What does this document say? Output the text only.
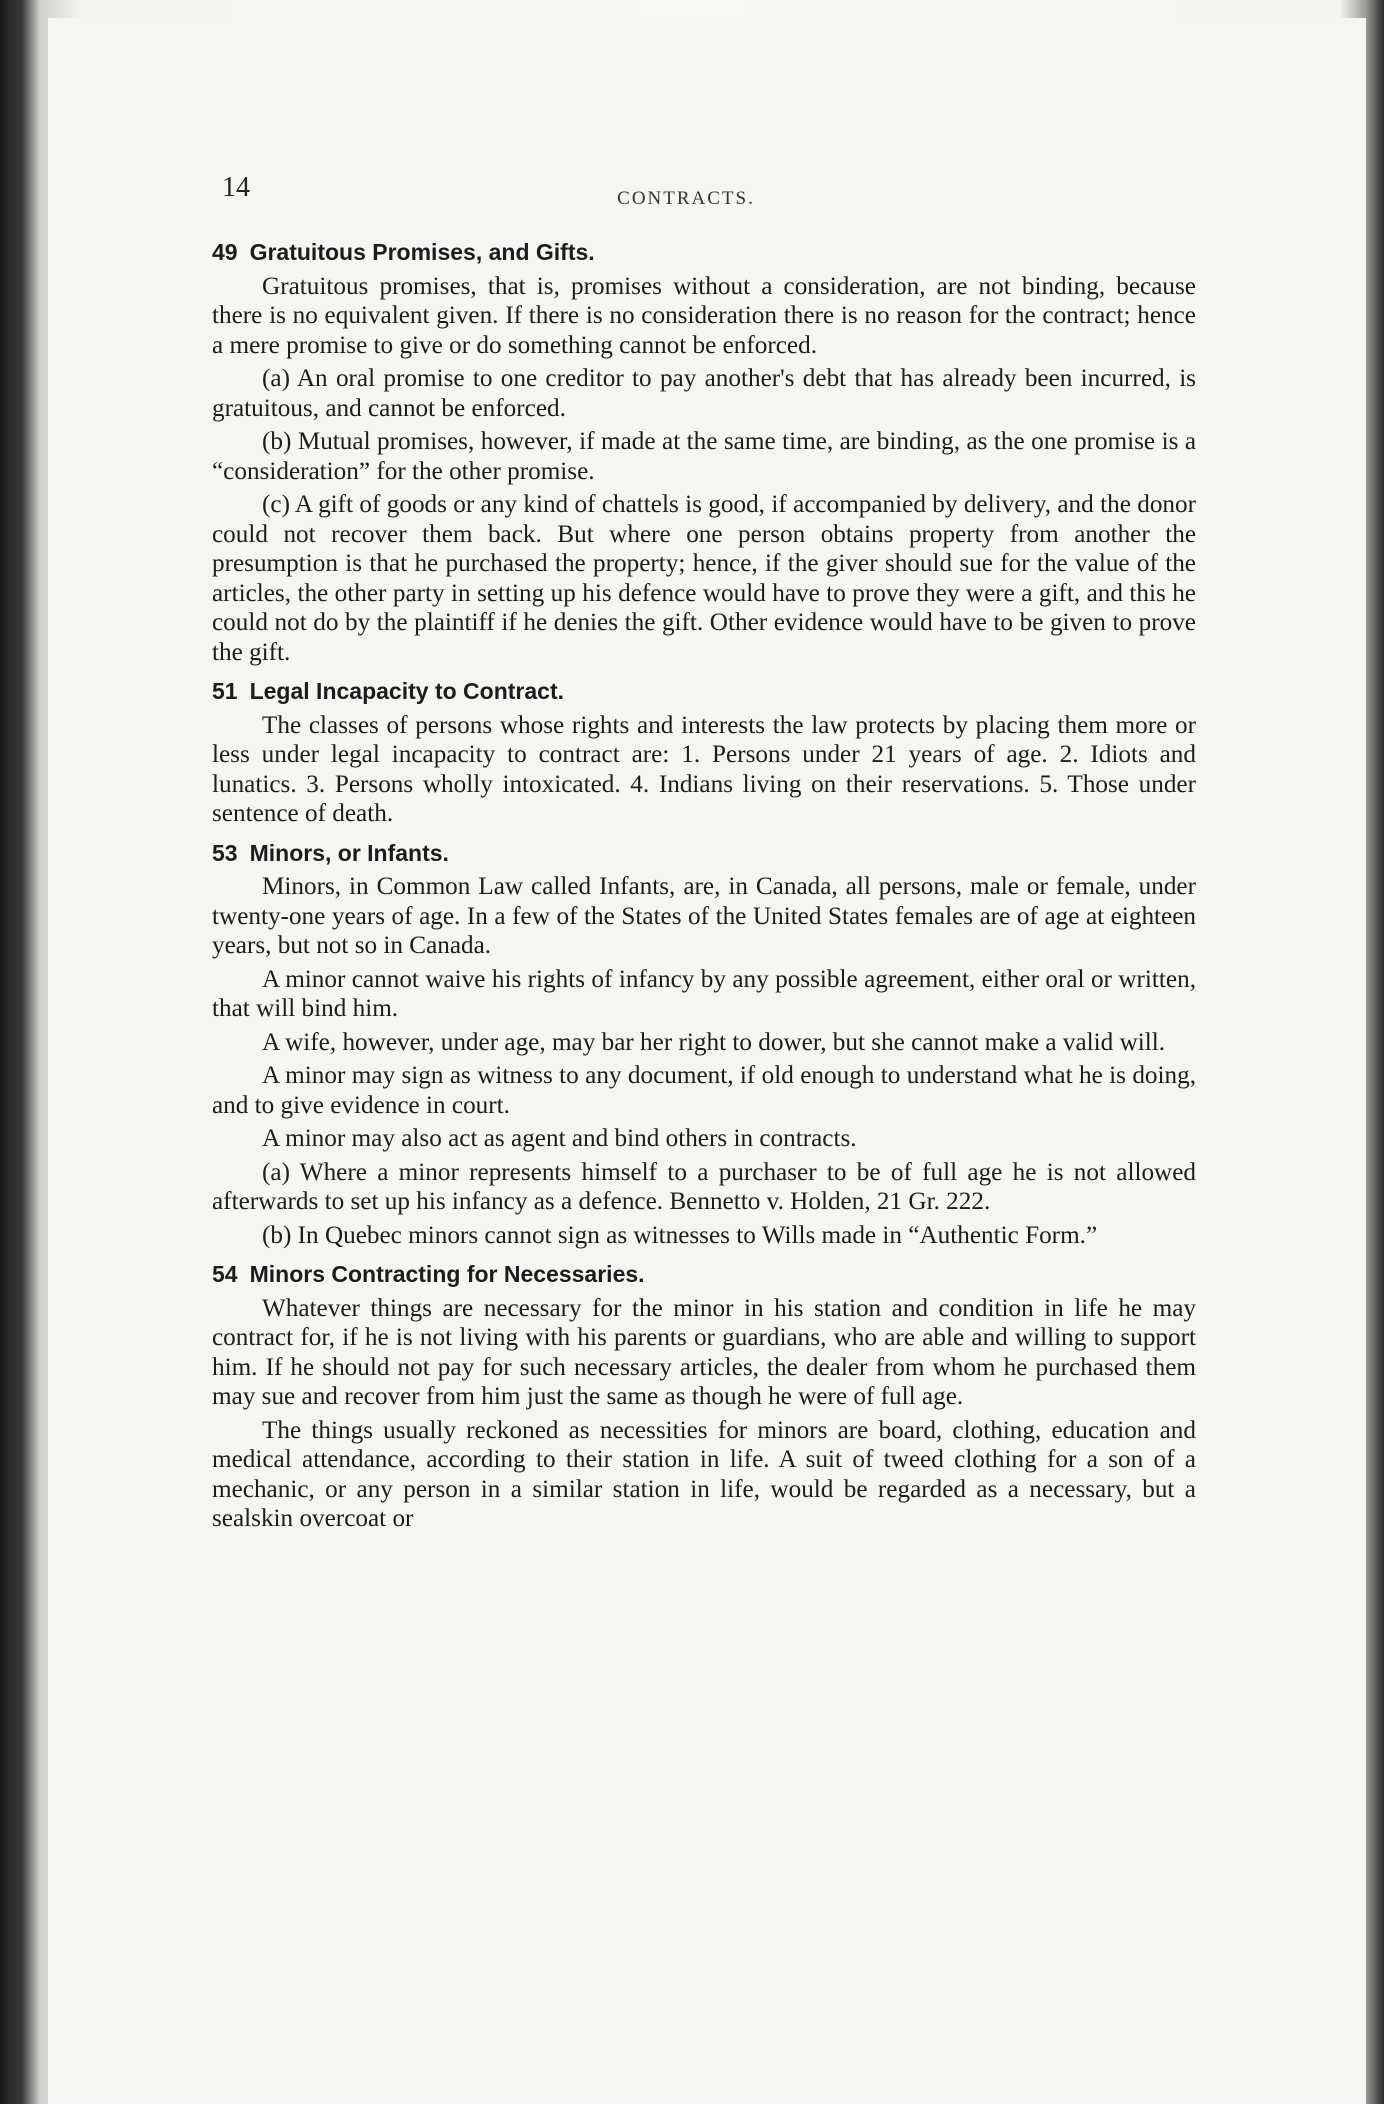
14	CONTRACTS.
49 Gratuitous Promises, and Gifts.

Gratuitous promises, that is, promises without a consideration, are not binding, because there is no equivalent given. If there is no consideration there is no reason for the contract; hence a mere promise to give or do something cannot be enforced.

(a) An oral promise to one creditor to pay another's debt that has already been incurred, is gratuitous, and cannot be enforced.

(b) Mutual promises, however, if made at the same time, are binding, as the one promise is a “consideration” for the other promise.

(c) A gift of goods or any kind of chattels is good, if accompanied by delivery, and the donor could not recover them back. But where one person obtains property from another the presumption is that he purchased the property; hence, if the giver should sue for the value of the articles, the other party in setting up his defence would have to prove they were a gift, and this he could not do by the plaintiff if he denies the gift. Other evidence would have to be given to prove the gift.

51 Legal Incapacity to Contract.

The classes of persons whose rights and interests the law protects by placing them more or less under legal incapacity to contract are: 1. Persons under 21 years of age. 2. Idiots and lunatics. 3. Persons wholly intoxicated. 4. Indians living on their reservations. 5. Those under sentence of death.

53 Minors, or Infants.

Minors, in Common Law called Infants, are, in Canada, all persons, male or female, under twenty-one years of age. In a few of the States of the United States females are of age at eighteen years, but not so in Canada.

A minor cannot waive his rights of infancy by any possible agreement, either oral or written, that will bind him.

A wife, however, under age, may bar her right to dower, but she cannot make a valid will.

A minor may sign as witness to any document, if old enough to understand what he is doing, and to give evidence in court.

A minor may also act as agent and bind others in contracts.

(a) Where a minor represents himself to a purchaser to be of full age he is not allowed afterwards to set up his infancy as a defence. Bennetto v. Holden, 21 Gr. 222.

(b) In Quebec minors cannot sign as witnesses to Wills made in “Authentic Form.”

54 Minors Contracting for Necessaries.

Whatever things are necessary for the minor in his station and condition in life he may contract for, if he is not living with his parents or guardians, who are able and willing to support him. If he should not pay for such necessary articles, the dealer from whom he purchased them may sue and recover from him just the same as though he were of full age.

The things usually reckoned as necessities for minors are board, clothing, education and medical attendance, according to their station in life. A suit of tweed clothing for a son of a mechanic, or any person in a similar station in life, would be regarded as a necessary, but a sealskin overcoat or
